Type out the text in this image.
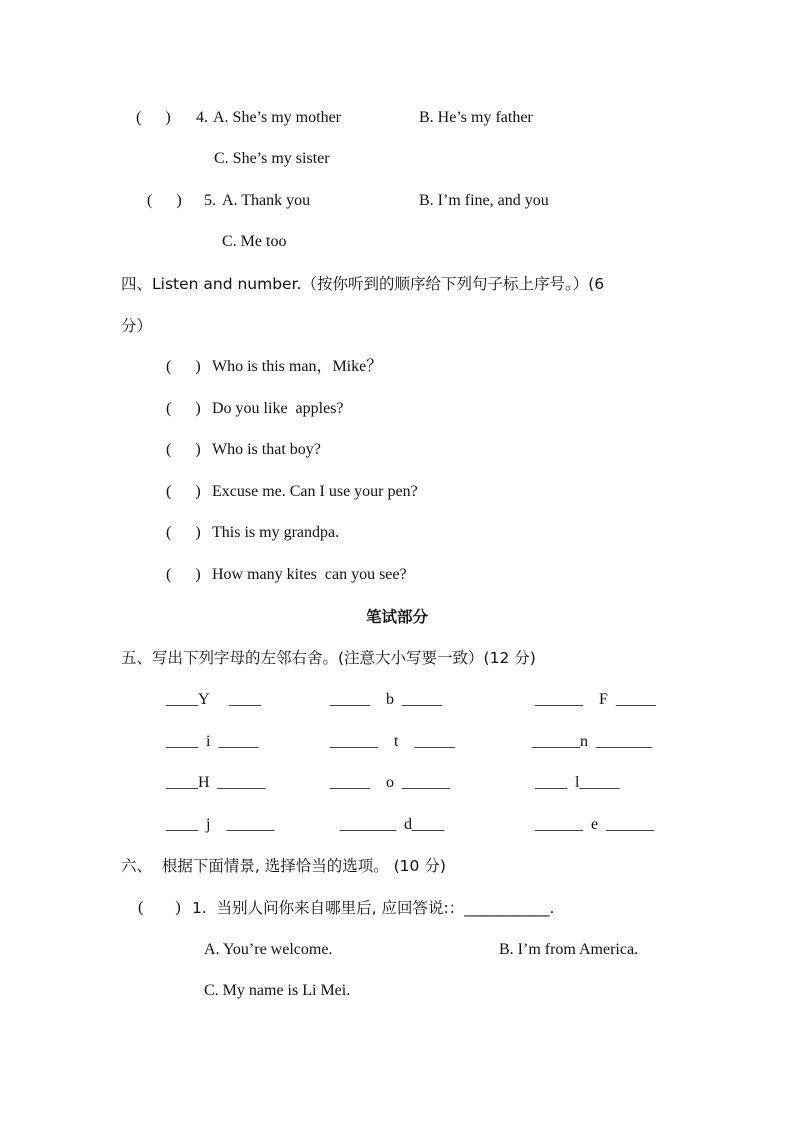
(      ) 4. A. She’s my mother	B. He’s my father
C. She’s my sister
(      ) 5. A. Thank you	B. I’m fine, and you
C. Me too
四、Listen and number.（按你听到的顺序给下列句子标上序号。）(6
分）
(      ) Who is this man，Mike？
(      ) Do you like  apples?
(      ) Who is that boy?
(      ) Excuse me. Can I use your pen?
(      ) This is my grandpa.
(      ) How many kites  can you see?
笔试部分
五、写出下列字母的左邻右舍。(注意大小写要一致）(12 分)
____Y     ____	_____    b  _____	______    F  _____
____  i  _____	______    t    _____	______n  _______
____H  ______	_____    o  ______	____  l_____
____  j    ______	_______  d____	______  e  ______
六、  根据下面情景, 选择恰当的选项。 (10 分)
(        ) 1.  当别人问你来自哪里后, 应回答说:：___________.
A. You’re welcome.	B. I’m from America.
C. My name is Li Mei.
